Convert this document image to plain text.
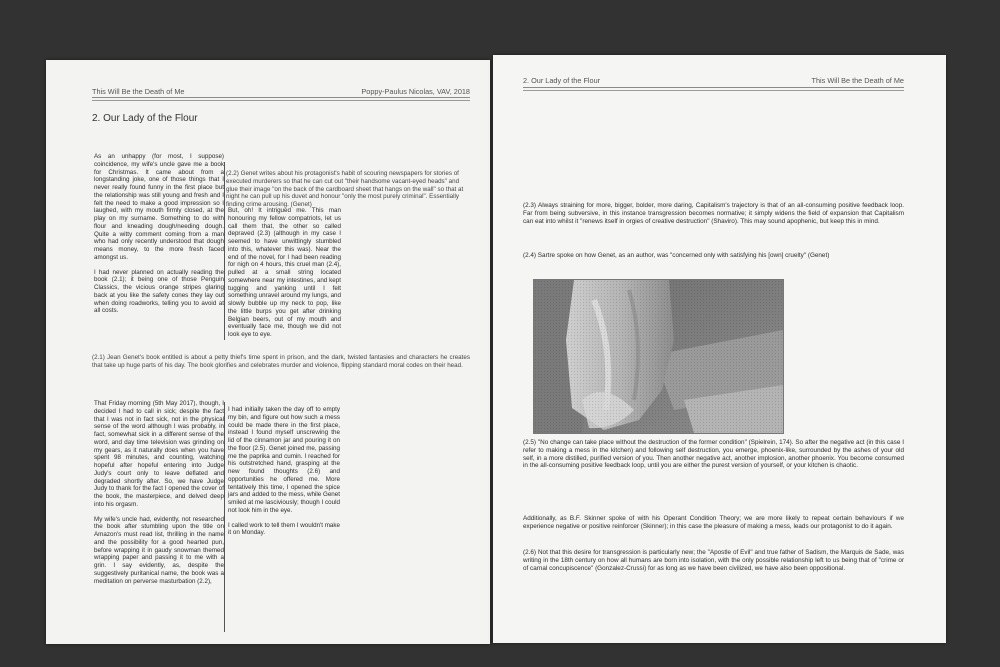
This Will Be the Death of Me	Poppy-Paulus Nicolas, VAV, 2018
2. Our Lady of the Flour

As an unhappy (for most, I suppose) coincidence, my wife's uncle gave me a book for Christmas. It came about from a longstanding joke, one of those things that I never really found funny in the first place but the relationship was still young and fresh and I felt the need to make a good impression so I laughed, with my mouth firmly closed, at the play on my surname. Something to do with flour and kneading dough/needing dough. Quite a witty comment coming from a man who had only recently understood that dough means money, to the more fresh faced amongst us.

I had never planned on actually reading the book (2.1); it being one of those Penguin Classics, the vicious orange stripes glaring back at you like the safety cones they lay out when doing roadworks, telling you to avoid at all costs.

(2.2) Genet writes about his protagonist's habit of scouring newspapers for stories of executed murderers so that he can cut out "their handsome vacant-eyed heads" and glue their image "on the back of the cardboard sheet that hangs on the wall" so that at night he can pull up his duvet and honour "only the most purely criminal". Essentially finding crime arousing. (Genet)
But, oh! It intrigued me. This man honouring my fellow compatriots, let us call them that, the other so called depraved (2.3) (although in my case I seemed to have unwittingly stumbled into this, whatever this was). Near the end of the novel, for I had been reading for nigh on 4 hours, this cruel man (2.4), pulled at a small string located somewhere near my intestines, and kept tugging and yanking until I felt something unravel around my lungs, and slowly bubble up my neck to pop, like the little burps you get after drinking Belgian beers, out of my mouth and eventually face me, though we did not look eye to eye.
(2.1) Jean Genet's book entitled is about a petty thief's time spent in prison, and the dark, twisted fantasies and characters he creates that take up huge parts of his day. The book glorifies and celebrates murder and violence, flipping standard moral codes on their head.

That Friday morning (5th May 2017), though, I decided I had to call in sick; despite the fact that I was not in fact sick, not in the physical sense of the word although I was probably, in fact, somewhat sick in a different sense of the word, and day time television was grinding on my gears, as it naturally does when you have spent 98 minutes, and counting, watching hopeful after hopeful entering into Judge Judy's court only to leave deflated and degraded shortly after. So, we have Judge Judy to thank for the fact I opened the cover of the book, the masterpiece, and delved deep into his orgasm.

My wife's uncle had, evidently, not researched the book after stumbling upon the title on Amazon's must read list, thrilling in the name and the possibility for a good hearted pun, before wrapping it in gaudy snowman themed wrapping paper and passing it to me with a grin. I say evidently, as, despite the suggestively puritanical name, the book was a meditation on perverse masturbation (2.2),

I had initially taken the day off to empty my bin, and figure out how such a mess could be made there in the first place, instead I found myself unscrewing the lid of the cinnamon jar and pouring it on the floor (2.5). Genet joined me, passing me the paprika and cumin. I reached for his outstretched hand, grasping at the new found thoughts (2.6) and opportunities he offered me. More tentatively this time, I opened the spice jars and added to the mess, while Genet smiled at me lasciviously; though I could not look him in the eye.

I called work to tell them I wouldn't make it on Monday.

2. Our Lady of the Flour	This Will Be the Death of Me
(2.3) Always straining for more, bigger, bolder, more daring, Capitalism's trajectory is that of an all-consuming positive feedback loop. Far from being subversive, in this instance transgression becomes normative; it simply widens the field of expansion that Capitalism can eat into whilst it "renews itself in orgies of creative destruction" (Shaviro). This may sound apophenic, but keep this in mind.
(2.4) Sartre spoke on how Genet, as an author, was "concerned only with satisfying his [own] cruelty" (Genet)
(2.5) "No change can take place without the destruction of the former condition" (Spielrein, 174). So after the negative act (in this case I refer to making a mess in the kitchen) and following self destruction, you emerge, phoenix-like, surrounded by the ashes of your old self, in a more distilled, purified version of you. Then another negative act, another implosion, another phoenix. You become consumed in the all-consuming positive feedback loop, until you are either the purest version of yourself, or your kitchen is chaotic.
Additionally, as B.F. Skinner spoke of with his Operant Condition Theory; we are more likely to repeat certain behaviours if we experience negative or positive reinforcer (Skinner); in this case the pleasure of making a mess, leads our protagonist to do it again.
(2.6) Not that this desire for transgression is particularly new; the "Apostle of Evil" and true father of Sadism, the Marquis de Sade, was writing in the 18th century on how all humans are born into isolation, with the only possible relationship left to us being that of "crime or of carnal concupiscence" (Gonzalez-Crussi) for as long as we have been civilized, we have also been oppositional.
